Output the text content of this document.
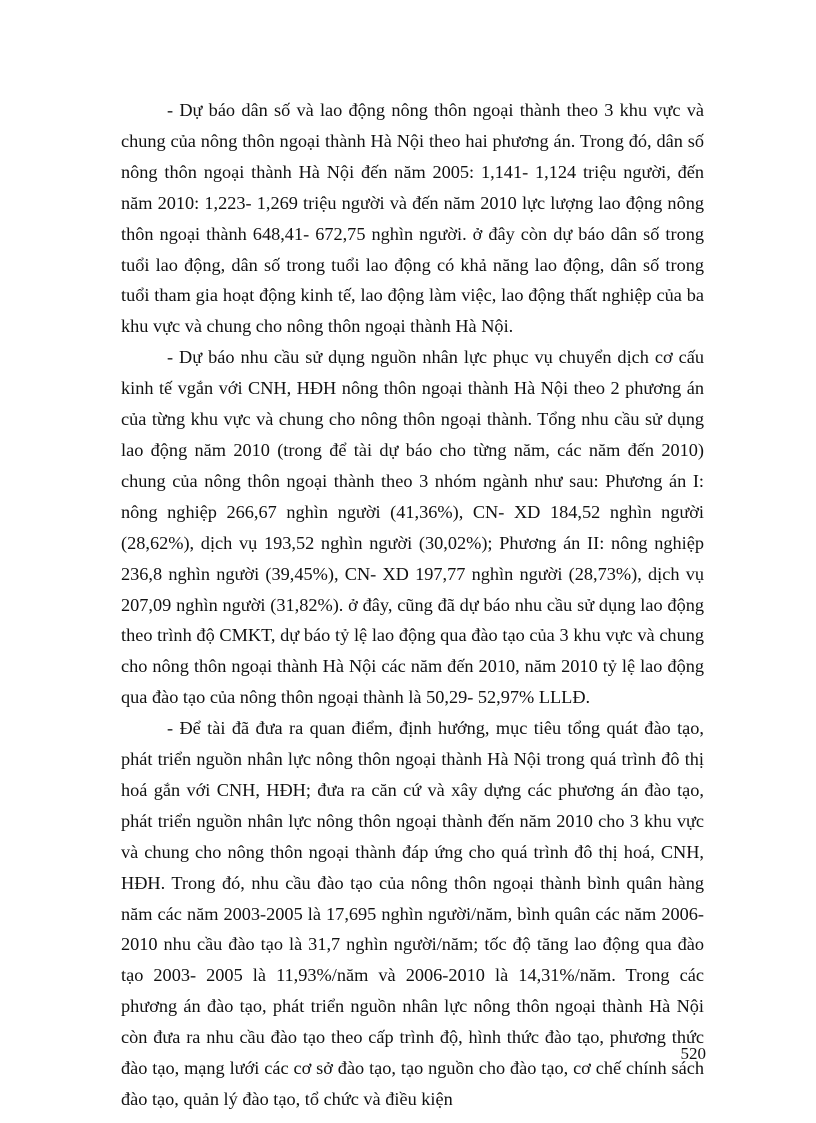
- Dự báo dân số và lao động nông thôn ngoại thành theo 3 khu vực và chung của nông thôn ngoại thành Hà Nội theo hai phương án. Trong đó, dân số nông thôn ngoại thành Hà Nội đến năm 2005: 1,141- 1,124 triệu người, đến năm 2010: 1,223- 1,269 triệu người và đến năm 2010 lực lượng lao động nông thôn ngoại thành 648,41- 672,75 nghìn người. ở đây còn dự báo dân số trong tuổi lao động, dân số trong tuổi lao động có khả năng lao động, dân số trong tuổi tham gia hoạt động kinh tế, lao động làm việc, lao động thất nghiệp của ba khu vực và chung cho nông thôn ngoại thành Hà Nội.

- Dự báo nhu cầu sử dụng nguồn nhân lực phục vụ chuyển dịch cơ cấu kinh tế vgắn với CNH, HĐH nông thôn ngoại thành Hà Nội theo 2 phương án của từng khu vực và chung cho nông thôn ngoại thành. Tổng nhu cầu sử dụng lao động năm 2010 (trong để tài dự báo cho từng năm, các năm đến 2010) chung của nông thôn ngoại thành theo 3 nhóm ngành như sau: Phương án I: nông nghiệp 266,67 nghìn người (41,36%), CN- XD 184,52 nghìn người (28,62%), dịch vụ 193,52 nghìn người (30,02%); Phương án II: nông nghiệp 236,8 nghìn người (39,45%), CN- XD 197,77 nghìn người (28,73%), dịch vụ 207,09 nghìn người (31,82%). ở đây, cũng đã dự báo nhu cầu sử dụng lao động theo trình độ CMKT, dự báo tỷ lệ lao động qua đào tạo của 3 khu vực và chung cho nông thôn ngoại thành Hà Nội các năm đến 2010, năm 2010 tỷ lệ lao động qua đào tạo của nông thôn ngoại thành là 50,29- 52,97% LLLĐ.

- Để tài đã đưa ra quan điểm, định hướng, mục tiêu tổng quát đào tạo, phát triển nguồn nhân lực nông thôn ngoại thành Hà Nội trong quá trình đô thị hoá gắn với CNH, HĐH; đưa ra căn cứ và xây dựng các phương án đào tạo, phát triển nguồn nhân lực nông thôn ngoại thành đến năm 2010 cho 3 khu vực và chung cho nông thôn ngoại thành đáp ứng cho quá trình đô thị hoá, CNH, HĐH. Trong đó, nhu cầu đào tạo của nông thôn ngoại thành bình quân hàng năm các năm 2003-2005 là 17,695 nghìn người/năm, bình quân các năm 2006-2010 nhu cầu đào tạo là 31,7 nghìn người/năm; tốc độ tăng lao động qua đào tạo 2003- 2005 là 11,93%/năm và 2006-2010 là 14,31%/năm. Trong các phương án đào tạo, phát triển nguồn nhân lực nông thôn ngoại thành Hà Nội còn đưa ra nhu cầu đào tạo theo cấp trình độ, hình thức đào tạo, phương thức đào tạo, mạng lưới các cơ sở đào tạo, tạo nguồn cho đào tạo, cơ chế chính sách đào tạo, quản lý đào tạo, tổ chức và điều kiện

520
